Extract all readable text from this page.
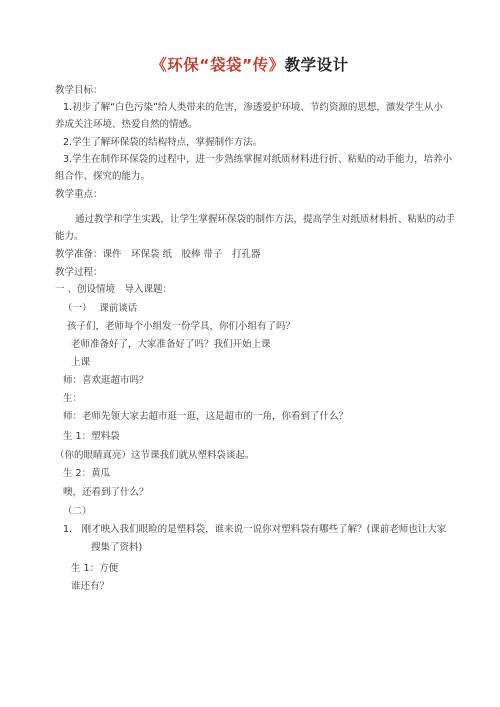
《环保“袋袋”传》教学设计
教学目标：
1.初步了解“白色污染”给人类带来的危害，渗透爱护环境、节约资源的思想，激发学生从小
养成关注环境、热爱自然的情感。
2.学生了解环保袋的结构特点，掌握制作方法。
3.学生在制作环保袋的过程中，进一步熟练掌握对纸质材料进行折、粘贴的动手能力，培养小
组合作、探究的能力。
教学重点：
通过教学和学生实践，让学生掌握环保袋的制作方法，提高学生对纸质材料折、粘贴的动手
能力。
教学准备：课件　环保袋 纸　胶棒 带子　打孔器
教学过程：
一 、创设情境　导入课题：
（一）　 课前谈话
孩子们，老师每个小组发一份学具，你们小组有了吗？
老师准备好了，大家准备好了吗？我们开始上课
上课
师：喜欢逛超市吗？
生：
师：老师先领大家去超市逛一逛，这是超市的一角，你看到了什么？
生 1：塑料袋
（你的眼睛真亮）这节课我们就从塑料袋谈起。
生 2：黄瓜
噢，还看到了什么？
（二）
1.　刚才映入我们眼睑的是塑料袋，谁来说一说你对塑料袋有哪些了解？(课前老师也让大家
搜集了资料)
生 1：方便
谁还有？
